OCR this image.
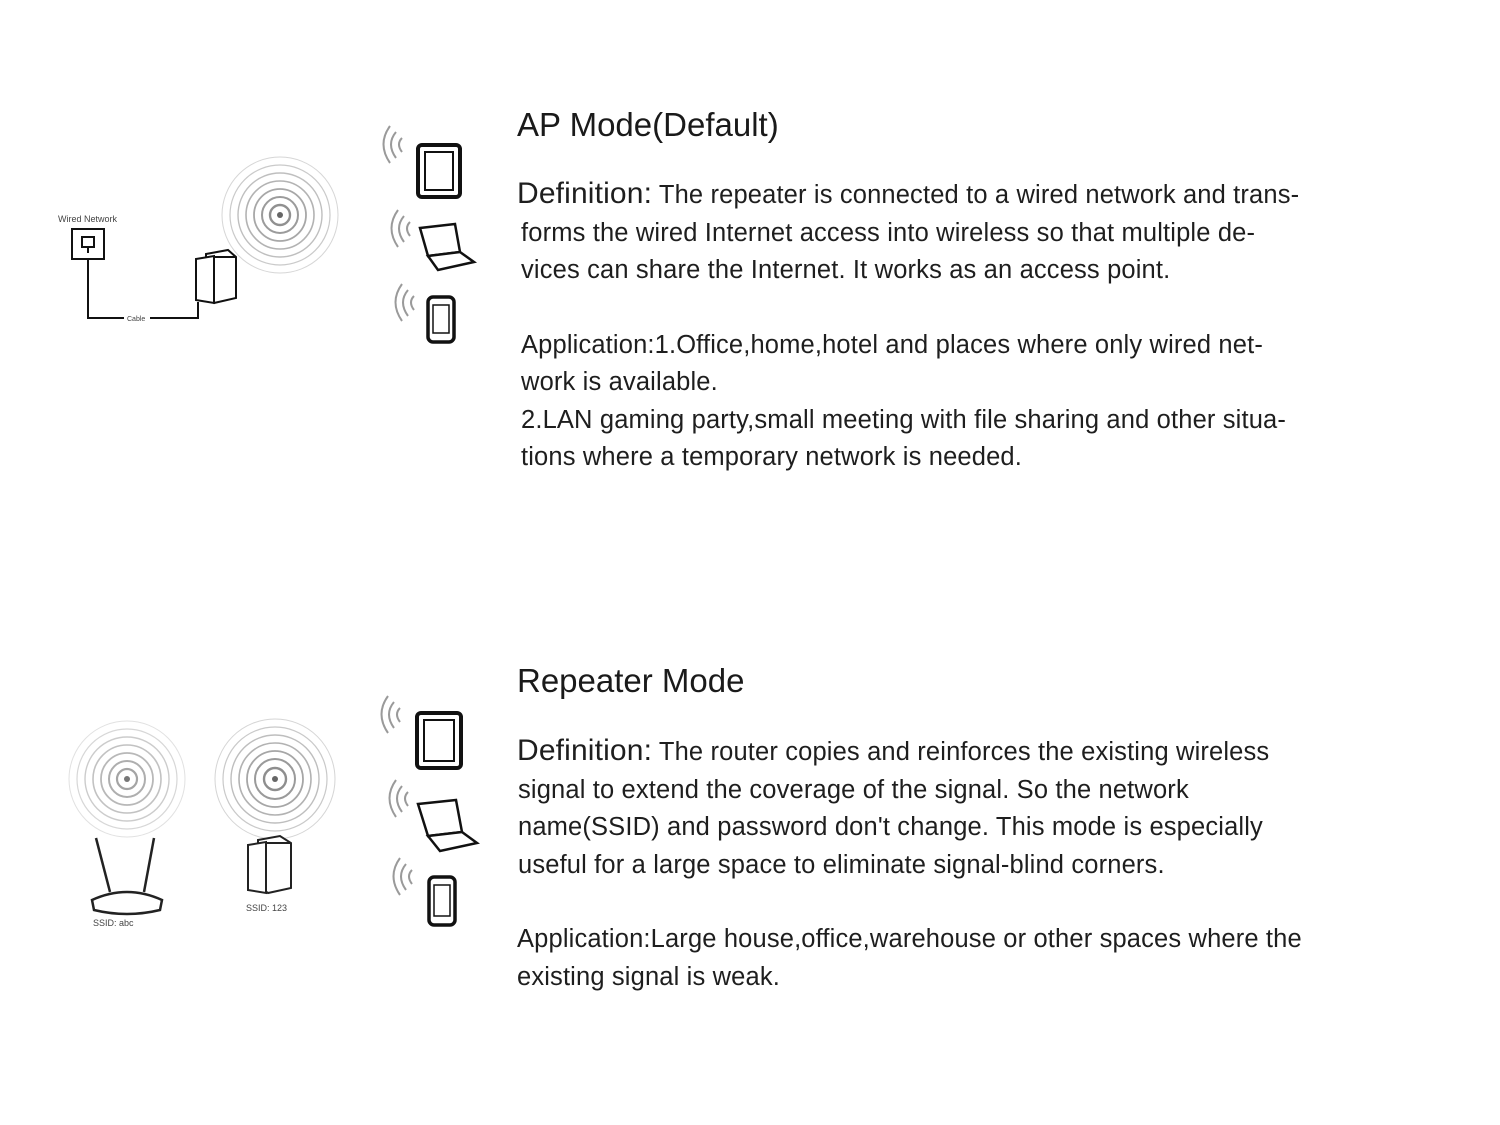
Wired Network
Cable
AP Mode(Default)

Definition: The repeater is connected to a wired network and trans-
forms the wired Internet access into wireless so that multiple de-
vices can share the Internet. It works as an access point.

Application:1.Office,home,hotel and places where only wired net-
work is available.
2.LAN gaming party,small meeting with file sharing and other situa-
tions where a temporary network is needed.

SSID: abc
SSID: 123
Repeater Mode

Definition: The router copies and reinforces the existing wireless
signal to extend the coverage of the signal. So the network
name(SSID) and password don't change. This mode is especially
useful for a large space to eliminate signal-blind corners.

Application:Large house,office,warehouse or other spaces where the
existing signal is weak.
